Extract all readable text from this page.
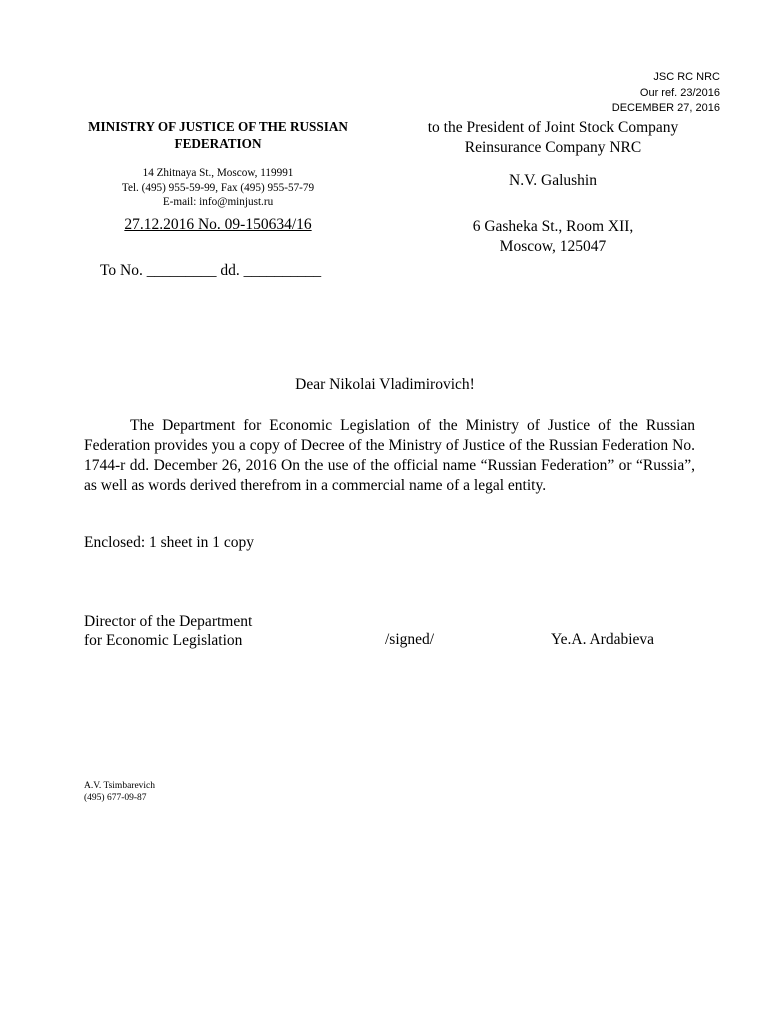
JSC RC NRC
Our ref. 23/2016
DECEMBER 27, 2016
MINISTRY OF JUSTICE OF THE RUSSIAN
FEDERATION
14 Zhitnaya St., Moscow, 119991
Tel. (495) 955-59-99, Fax (495) 955-57-79
E-mail: info@minjust.ru
27.12.2016 No. 09-150634/16
To No. _________ dd. __________
to the President of Joint Stock Company
Reinsurance Company NRC
N.V. Galushin
6 Gasheka St., Room XII,
Moscow, 125047
Dear Nikolai Vladimirovich!
The Department for Economic Legislation of the Ministry of Justice of the Russian Federation provides you a copy of Decree of the Ministry of Justice of the Russian Federation No. 1744-r dd. December 26, 2016 On the use of the official name “Russian Federation” or “Russia”, as well as words derived therefrom in a commercial name of a legal entity.
Enclosed: 1 sheet in 1 copy
Director of the Department
for Economic Legislation	/signed/	Ye.A. Ardabieva
A.V. Tsimbarevich
(495) 677-09-87
